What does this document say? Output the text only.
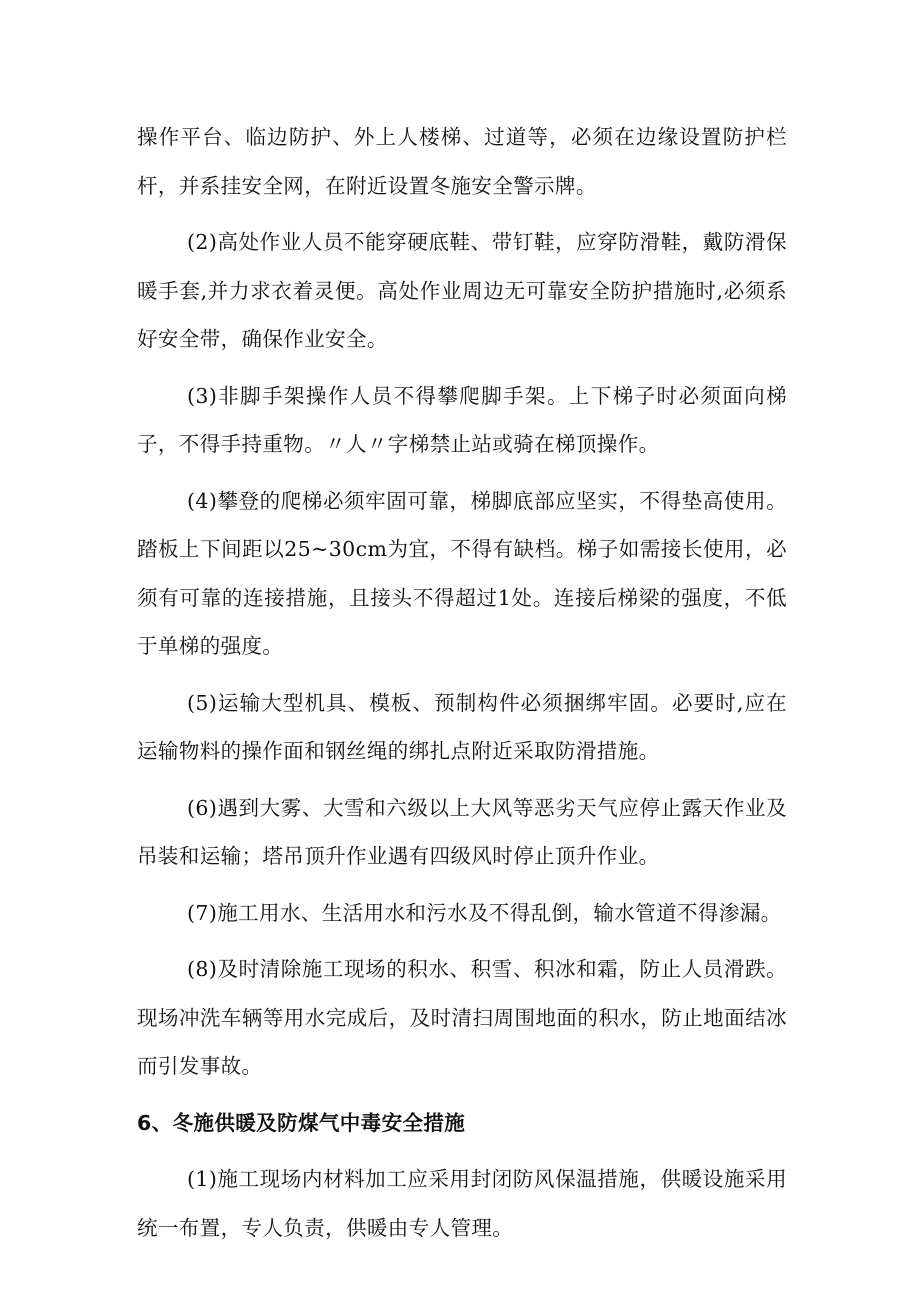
操作平台、临边防护、外上人楼梯、过道等，必须在边缘设置防护栏杆，并系挂安全网，在附近设置冬施安全警示牌。

(2)高处作业人员不能穿硬底鞋、带钉鞋，应穿防滑鞋，戴防滑保暖手套,并力求衣着灵便。高处作业周边无可靠安全防护措施时,必须系好安全带，确保作业安全。

(3)非脚手架操作人员不得攀爬脚手架。上下梯子时必须面向梯子，不得手持重物。〃人〃字梯禁止站或骑在梯顶操作。

(4)攀登的爬梯必须牢固可靠，梯脚底部应坚实，不得垫高使用。踏板上下间距以25~30cm为宜，不得有缺档。梯子如需接长使用，必须有可靠的连接措施，且接头不得超过1处。连接后梯梁的强度，不低于单梯的强度。

(5)运输大型机具、模板、预制构件必须捆绑牢固。必要时,应在运输物料的操作面和钢丝绳的绑扎点附近采取防滑措施。

(6)遇到大雾、大雪和六级以上大风等恶劣天气应停止露天作业及吊装和运输；塔吊顶升作业遇有四级风时停止顶升作业。

(7)施工用水、生活用水和污水及不得乱倒，输水管道不得渗漏。

(8)及时清除施工现场的积水、积雪、积冰和霜，防止人员滑跌。现场冲洗车辆等用水完成后，及时清扫周围地面的积水，防止地面结冰而引发事故。

6、冬施供暖及防煤气中毒安全措施

(1)施工现场内材料加工应采用封闭防风保温措施，供暖设施采用统一布置，专人负责，供暖由专人管理。
